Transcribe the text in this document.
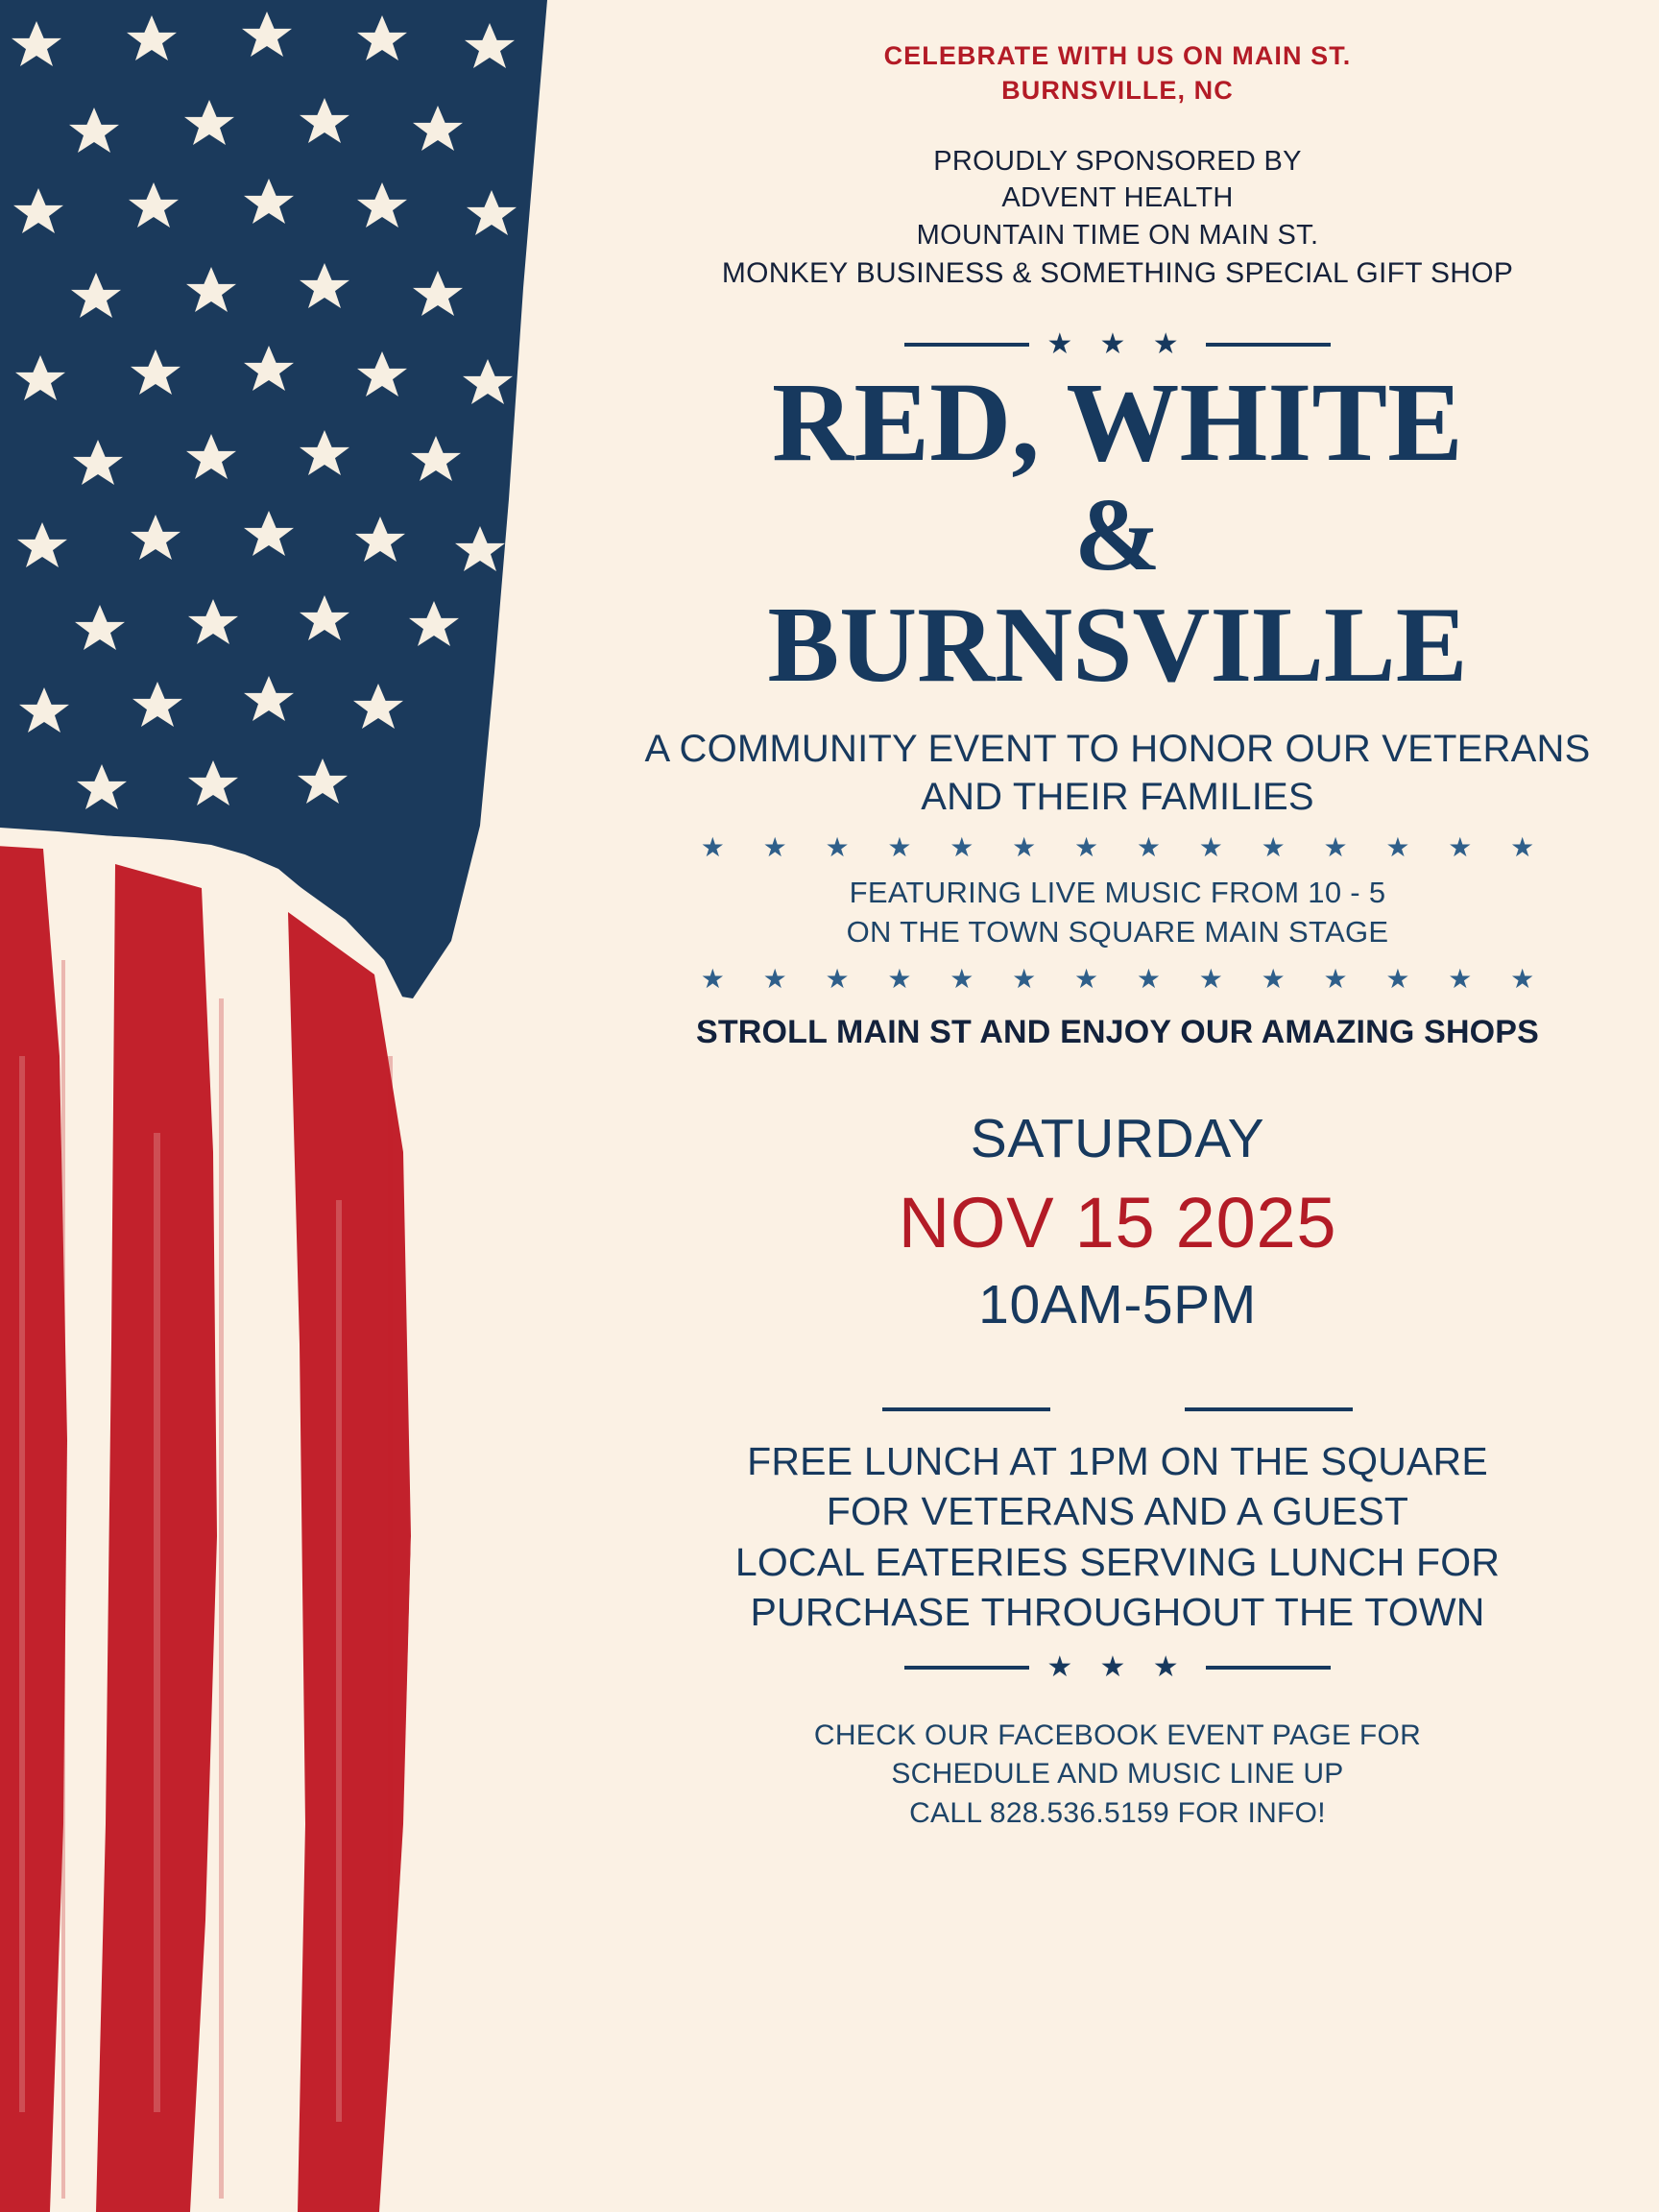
CELEBRATE WITH US ON MAIN ST.
BURNSVILLE, NC
PROUDLY SPONSORED BY
ADVENT HEALTH
MOUNTAIN TIME ON MAIN ST.
MONKEY BUSINESS & SOMETHING SPECIAL GIFT SHOP
★ ★ ★
RED, WHITE
&
BURNSVILLE
A COMMUNITY EVENT TO HONOR OUR VETERANS
AND THEIR FAMILIES
★ ★ ★ ★ ★ ★ ★ ★ ★ ★ ★ ★ ★ ★
FEATURING LIVE MUSIC FROM 10 - 5
ON THE TOWN SQUARE MAIN STAGE
★ ★ ★ ★ ★ ★ ★ ★ ★ ★ ★ ★ ★ ★
STROLL MAIN ST AND ENJOY OUR AMAZING SHOPS
SATURDAY
NOV 15 2025
10AM-5PM
FREE LUNCH AT 1PM ON THE SQUARE
FOR VETERANS AND A GUEST
LOCAL EATERIES SERVING LUNCH FOR
PURCHASE THROUGHOUT THE TOWN
★ ★ ★
CHECK OUR FACEBOOK EVENT PAGE FOR
SCHEDULE AND MUSIC LINE UP
CALL 828.536.5159 FOR INFO!
